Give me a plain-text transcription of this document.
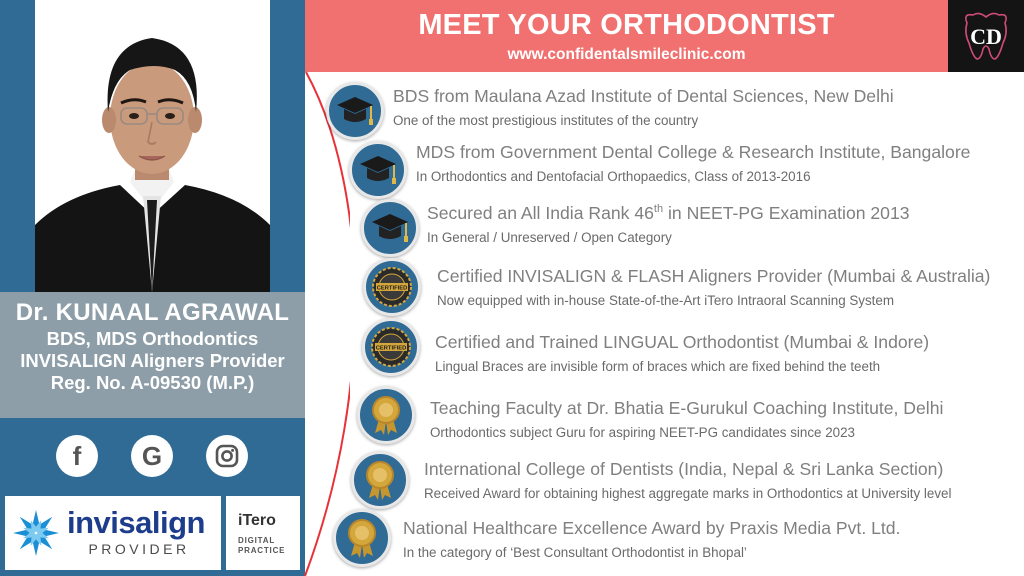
Dr. KUNAAL AGRAWAL
BDS, MDS Orthodontics
INVISALIGN Aligners Provider
Reg. No. A-09530 (M.P.)
f G
invisalign
PROVIDER
iTero
DIGITAL
PRACTICE
MEET YOUR ORTHODONTIST
www.confidentalsmileclinic.com
CD
CERTIFIED
CERTIFIED
BDS from Maulana Azad Institute of Dental Sciences, New Delhi
One of the most prestigious institutes of the country
MDS from Government Dental College & Research Institute, Bangalore
In Orthodontics and Dentofacial Orthopaedics, Class of 2013-2016
Secured an All India Rank 46th in NEET-PG Examination 2013
In General / Unreserved / Open Category
Certified INVISALIGN & FLASH Aligners Provider (Mumbai & Australia)
Now equipped with in-house State-of-the-Art iTero Intraoral Scanning System
Certified and Trained LINGUAL Orthodontist (Mumbai & Indore)
Lingual Braces are invisible form of braces which are fixed behind the teeth
Teaching Faculty at Dr. Bhatia E-Gurukul Coaching Institute, Delhi
Orthodontics subject Guru for aspiring NEET-PG candidates since 2023
International College of Dentists (India, Nepal & Sri Lanka Section)
Received Award for obtaining highest aggregate marks in Orthodontics at University level
National Healthcare Excellence Award by Praxis Media Pvt. Ltd.
In the category of ‘Best Consultant Orthodontist in Bhopal’
